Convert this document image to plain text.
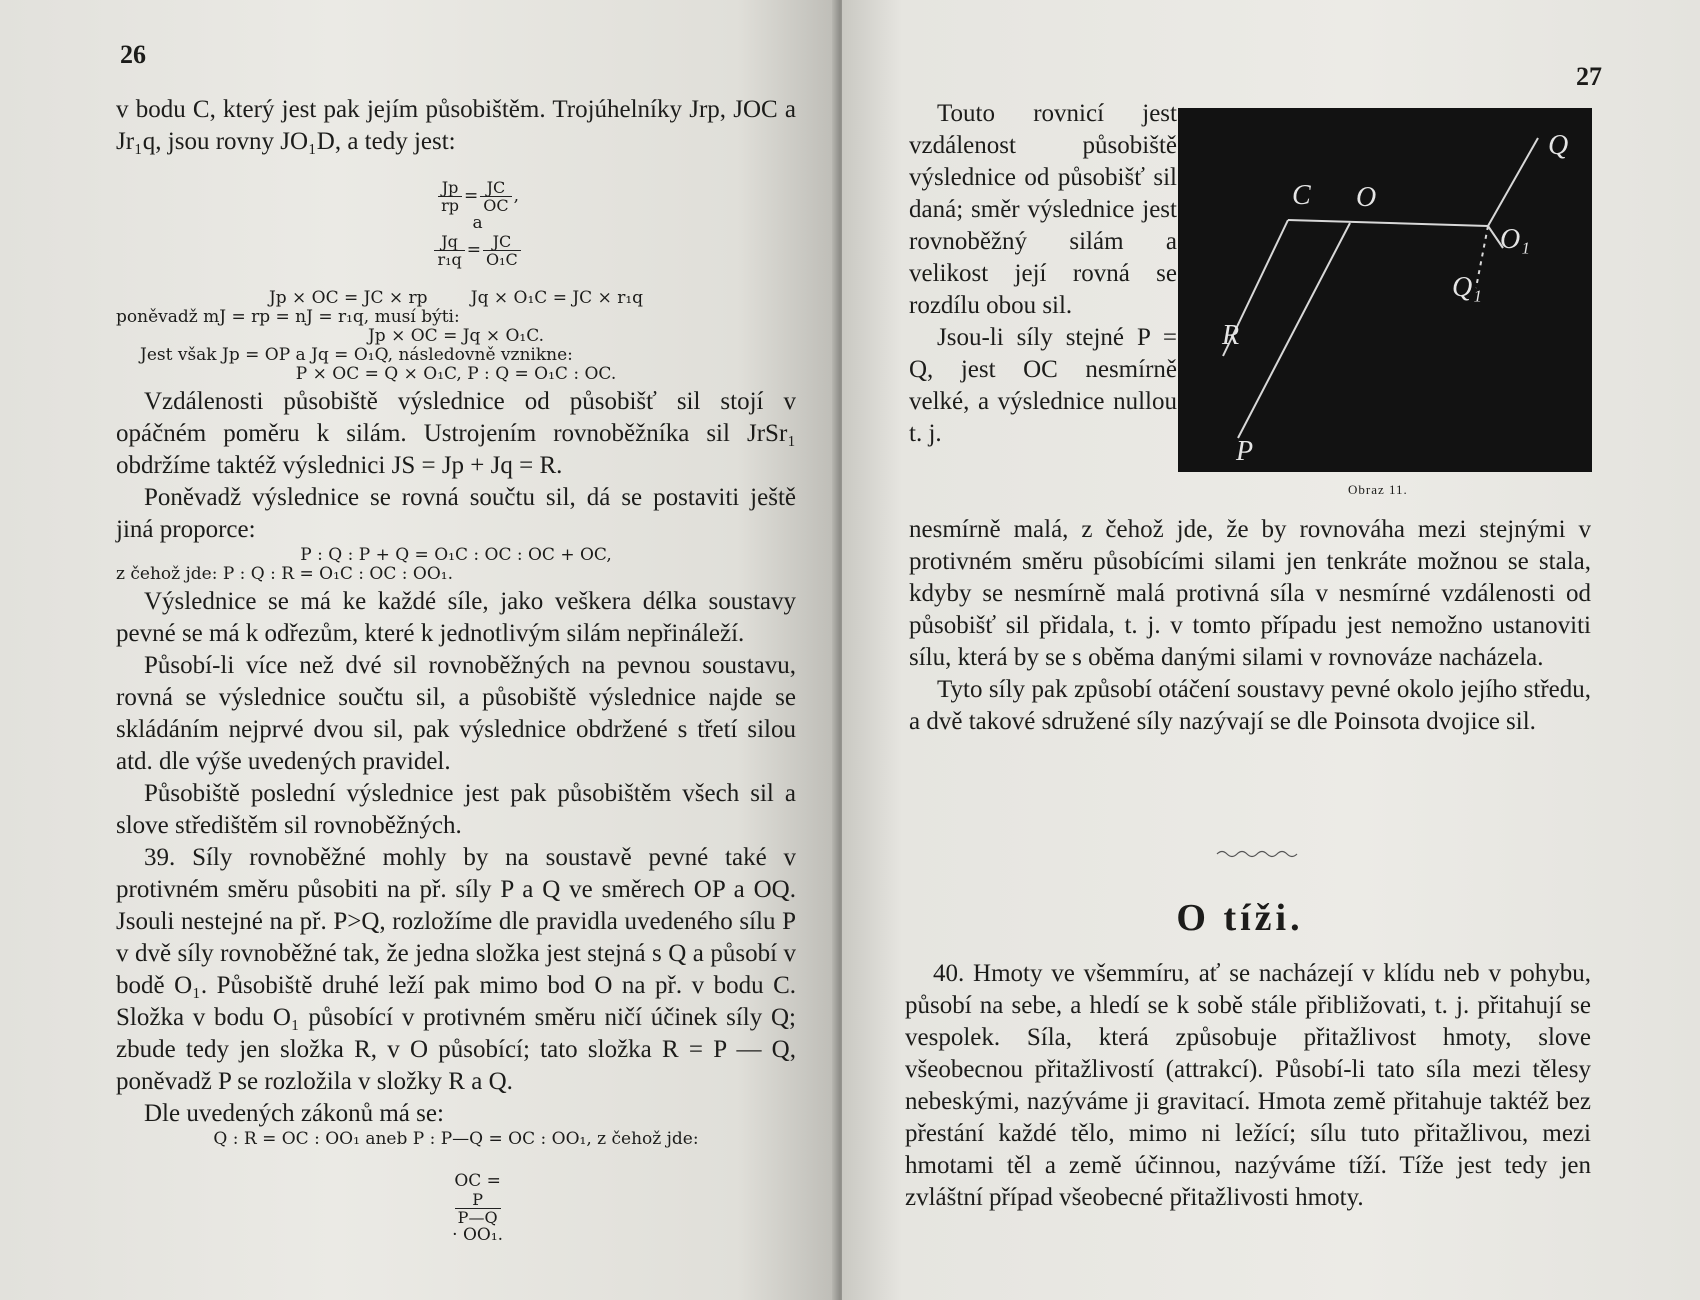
26

v bodu C, který jest pak jejím působištěm. Trojúhelníky Jrp, JOC a Jr₁q, jsou rovny JO₁D, a tedy jest:

$\frac{Jp}{rp} = \frac{JC}{OC}$ ,
a

$\frac{Jq}{\text{r₁q}} = \frac{JC}{\text{O₁C}}$

Jp × OC = JC × rp        Jq × O₁C = JC × r₁q

poněvadž mJ = rp = nJ = r₁q, musí býti:

Jp × OC = Jq × O₁C.

Jest však Jp = OP a Jq = O₁Q, následovně vznikne:

P × OC = Q × O₁C, P : Q = O₁C : OC.

Vzdálenosti působiště výslednice od působišť sil stojí v opáčném poměru k silám. Ustrojením rovnoběžníka sil JrSr₁ obdržíme taktéž výslednici JS = Jp + Jq = R.

Poněvadž výslednice se rovná součtu sil, dá se postaviti ještě jiná proporce:

P : Q : P + Q = O₁C : OC : OC + OC,

z čehož jde: P : Q : R = O₁C : OC : OO₁.

Výslednice se má ke každé síle, jako veškera délka soustavy pevné se má k odřezům, které k jednotlivým silám nepřináleží.

Působí-li více než dvé sil rovnoběžných na pevnou soustavu, rovná se výslednice součtu sil, a působiště výslednice najde se skládáním nejprvé dvou sil, pak výslednice obdržené s třetí silou atd. dle výše uvedených pravidel.

Působiště poslední výslednice jest pak působištěm všech sil a slove středištěm sil rovnoběžných.

39. Síly rovnoběžné mohly by na soustavě pevné také v protivném směru působiti na př. síly P a Q ve směrech OP a OQ. Jsouli nestejné na př. P>Q, rozložíme dle pravidla uvedeného sílu P v dvě síly rovnoběžné tak, že jedna složka jest stejná s Q a působí v bodě O₁. Působiště druhé leží pak mimo bod O na př. v bodu C. Složka v bodu O₁ působící v protivném směru ničí účinek síly Q; zbude tedy jen složka R, v O působící; tato složka R = P — Q, poněvadž P se rozložila v složky R a Q.

Dle uvedených zákonů má se:

Q : R = OC : OO₁ aneb P : P—Q = OC : OO₁, z čehož jde:

OC =

$\frac{P}{P—Q}$

· OO₁.

27

Touto rovnicí jest vzdálenost působiště výslednice od působišť sil daná; směr výslednice jest rovnoběžný silám a velikost její rovná se rozdílu obou sil.

Jsou-li síly stejné P = Q, jest OC nesmírně velké, a výslednice nullou t. j.

C O
Q
O₁
Q₁
R
P
Obraz 11.

nesmírně malá, z čehož jde, že by rovnováha mezi stejnými v protivném směru působícími silami jen tenkráte možnou se stala, kdyby se nesmírně malá protivná síla v nesmírné vzdálenosti od působišť sil přidala, t. j. v tomto případu jest nemožno ustanoviti sílu, která by se s oběma danými silami v rovnováze nacházela.

Tyto síly pak způsobí otáčení soustavy pevné okolo jejího středu, a dvě takové sdružené síly nazývají se dle Poinsota dvojice sil.

O tíži.

40. Hmoty ve všemmíru, ať se nacházejí v klídu neb v pohybu, působí na sebe, a hledí se k sobě stále přibližovati, t. j. přitahují se vespolek. Síla, která způsobuje přitažlivost hmoty, slove všeobecnou přitažlivostí (attrakcí). Působí-li tato síla mezi tělesy nebeskými, nazýváme ji gravitací. Hmota země přitahuje taktéž bez přestání každé tělo, mimo ni ležící; sílu tuto přitažlivou, mezi hmotami těl a země účinnou, nazýváme tíží. Tíže jest tedy jen zvláštní případ všeobecné přitažlivosti hmoty.
